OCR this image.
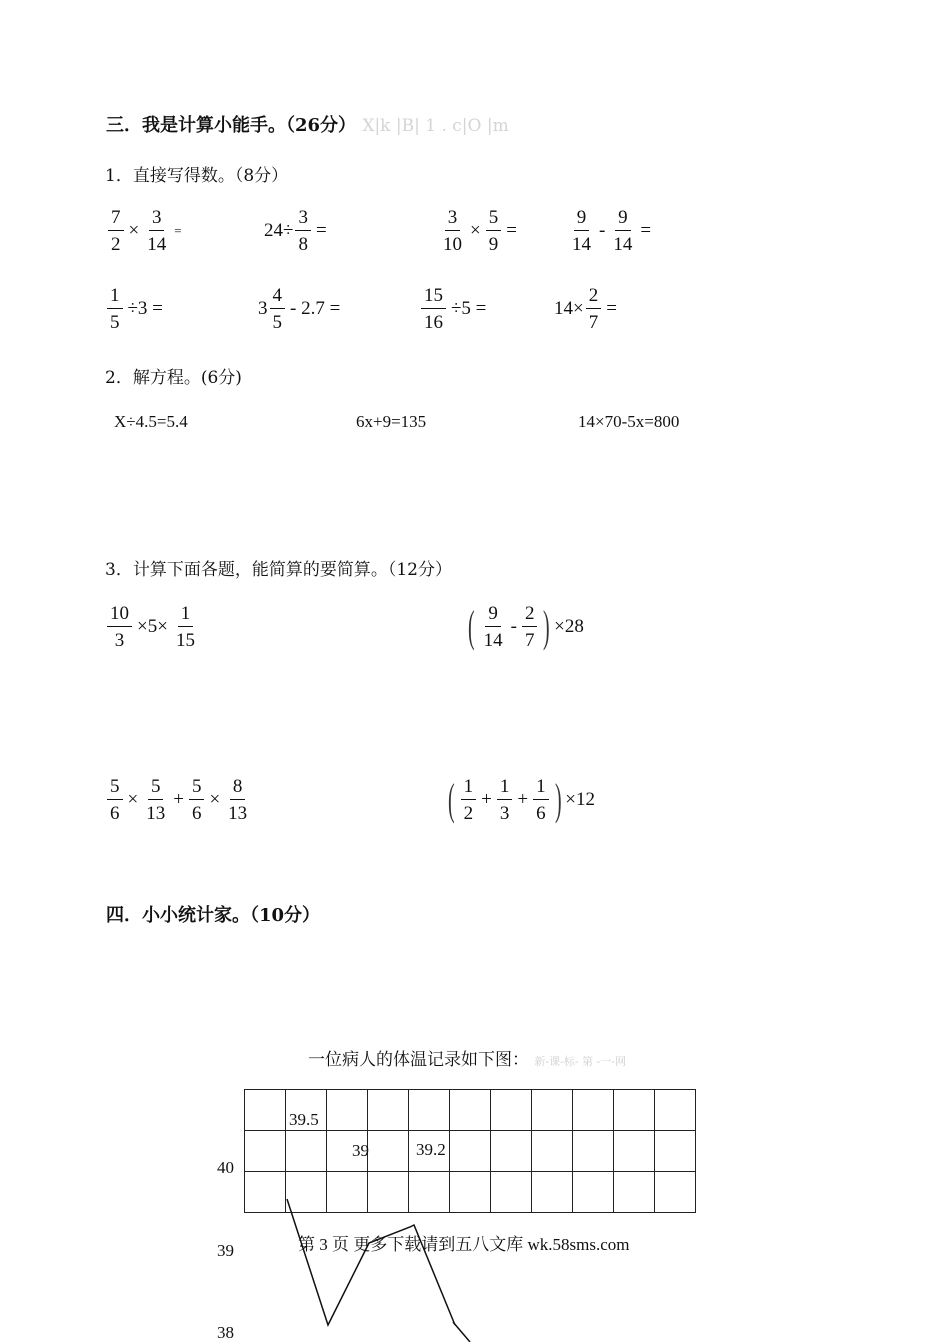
三．我是计算小能手。（26分） X|k |B| 1 . c|O |m
1．直接写得数。（8分）
$\frac{7}{2} \times \frac{3}{14}$ =	$24\div \frac{3}{8}$ =	$\frac{3}{10} \times \frac{5}{9}$ =	$\frac{9}{14} - \frac{9}{14}$ =
$\frac{1}{5} \div 3$ =	$3 \frac{4}{5} - 2.7$ =	$\frac{15}{16} \div 5$ =	$14\times \frac{2}{7}$ =
2．解方程。(6分)
X÷4.5=5.4	6x+9=135	14×70-5x=800
3．计算下面各题，能简算的要简算。（12分）
$\frac{10}{3} \times 5\times \frac{1}{15}$	( $\frac{9}{14} - \frac{2}{7}$ ) ×28
$\frac{5}{6} \times \frac{5}{13} + \frac{5}{6} \times \frac{8}{13}$	( $\frac{1}{2} + \frac{1}{3} + \frac{1}{6}$ ) ×12
四．小小统计家。（10分）
一位病人的体温记录如下图： 新-课-标- 第 -一-网

39.5
39	39.2
40
39
38
第 3 页 更多下载请到五八文库 wk.58sms.com
